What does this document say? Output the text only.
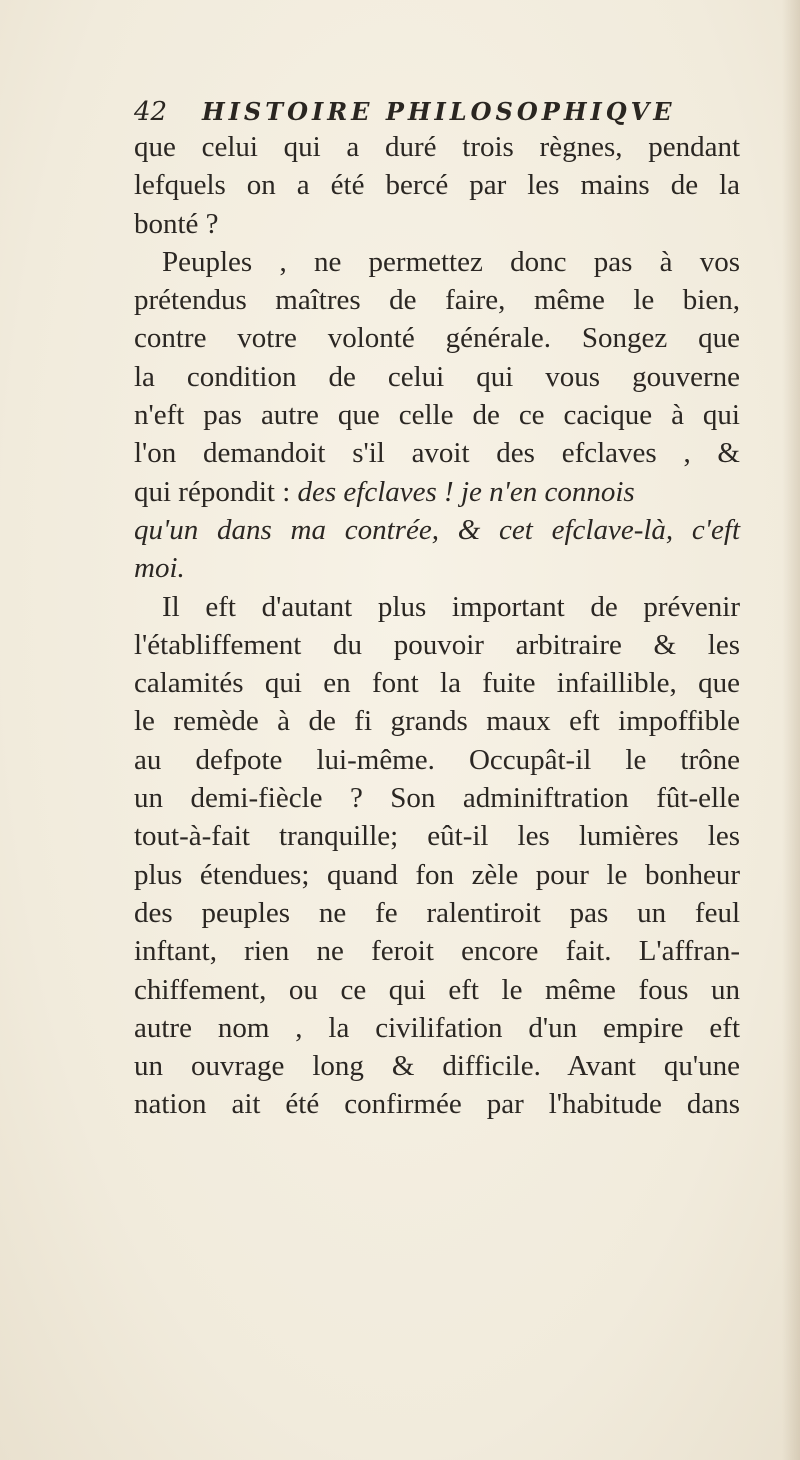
42 HISTOIRE PHILOSOPHIQVE
que celui qui a duré trois règnes, pendant
lefquels on a été bercé par les mains de la
bonté ?
Peuples , ne permettez donc pas à vos
prétendus maîtres de faire, même le bien,
contre votre volonté générale. Songez que
la condition de celui qui vous gouverne
n'eft pas autre que celle de ce cacique à qui
l'on demandoit s'il avoit des efclaves , &
qui répondit : des efclaves ! je n'en connois
qu'un dans ma contrée, & cet efclave-là, c'eft
moi.
Il eft d'autant plus important de prévenir
l'établiffement du pouvoir arbitraire & les
calamités qui en font la fuite infaillible, que
le remède à de fi grands maux eft impoffible
au defpote lui-même. Occupât-il le trône
un demi-fiècle ? Son adminiftration fût-elle
tout-à-fait tranquille; eût-il les lumières les
plus étendues; quand fon zèle pour le bonheur
des peuples ne fe ralentiroit pas un feul
inftant, rien ne feroit encore fait. L'affran-
chiffement, ou ce qui eft le même fous un
autre nom , la civilifation d'un empire eft
un ouvrage long & difficile. Avant qu'une
nation ait été confirmée par l'habitude dans
